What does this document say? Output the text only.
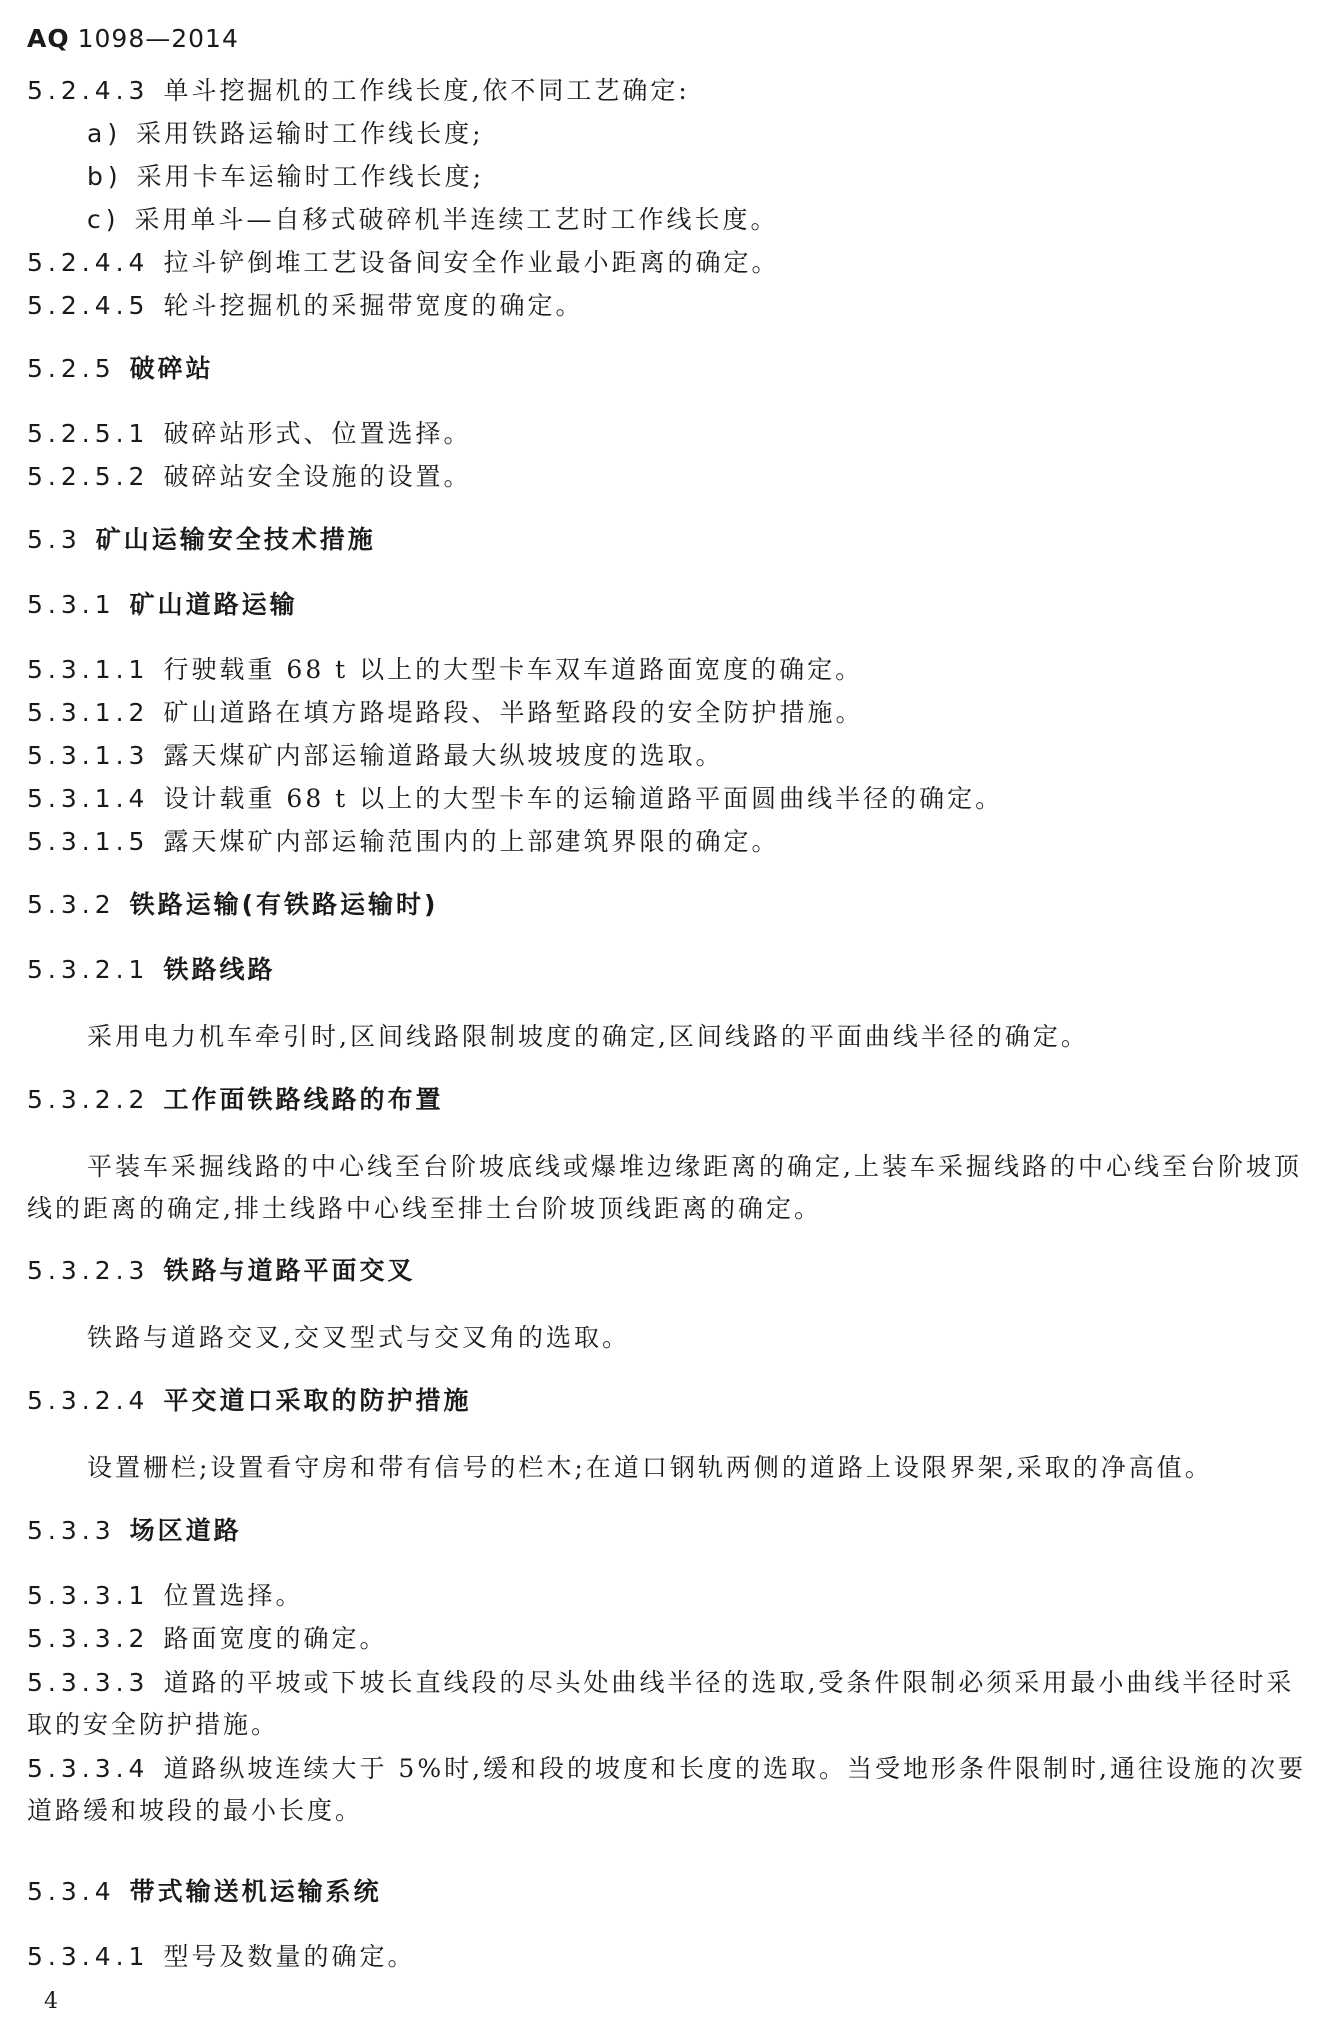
AQ 1098—2014
5.2.4.3 单斗挖掘机的工作线长度,依不同工艺确定:
a) 采用铁路运输时工作线长度;
b) 采用卡车运输时工作线长度;
c) 采用单斗—自移式破碎机半连续工艺时工作线长度。
5.2.4.4 拉斗铲倒堆工艺设备间安全作业最小距离的确定。
5.2.4.5 轮斗挖掘机的采掘带宽度的确定。
5.2.5 破碎站
5.2.5.1 破碎站形式、位置选择。
5.2.5.2 破碎站安全设施的设置。
5.3 矿山运输安全技术措施
5.3.1 矿山道路运输
5.3.1.1 行驶载重 68 t 以上的大型卡车双车道路面宽度的确定。
5.3.1.2 矿山道路在填方路堤路段、半路堑路段的安全防护措施。
5.3.1.3 露天煤矿内部运输道路最大纵坡坡度的选取。
5.3.1.4 设计载重 68 t 以上的大型卡车的运输道路平面圆曲线半径的确定。
5.3.1.5 露天煤矿内部运输范围内的上部建筑界限的确定。
5.3.2 铁路运输(有铁路运输时)
5.3.2.1 铁路线路
采用电力机车牵引时,区间线路限制坡度的确定,区间线路的平面曲线半径的确定。
5.3.2.2 工作面铁路线路的布置
平装车采掘线路的中心线至台阶坡底线或爆堆边缘距离的确定,上装车采掘线路的中心线至台阶坡顶线的距离的确定,排土线路中心线至排土台阶坡顶线距离的确定。
5.3.2.3 铁路与道路平面交叉
铁路与道路交叉,交叉型式与交叉角的选取。
5.3.2.4 平交道口采取的防护措施
设置栅栏;设置看守房和带有信号的栏木;在道口钢轨两侧的道路上设限界架,采取的净高值。
5.3.3 场区道路
5.3.3.1 位置选择。
5.3.3.2 路面宽度的确定。
5.3.3.3 道路的平坡或下坡长直线段的尽头处曲线半径的选取,受条件限制必须采用最小曲线半径时采取的安全防护措施。
5.3.3.4 道路纵坡连续大于 5%时,缓和段的坡度和长度的选取。当受地形条件限制时,通往设施的次要道路缓和坡段的最小长度。
5.3.4 带式输送机运输系统
5.3.4.1 型号及数量的确定。
4
